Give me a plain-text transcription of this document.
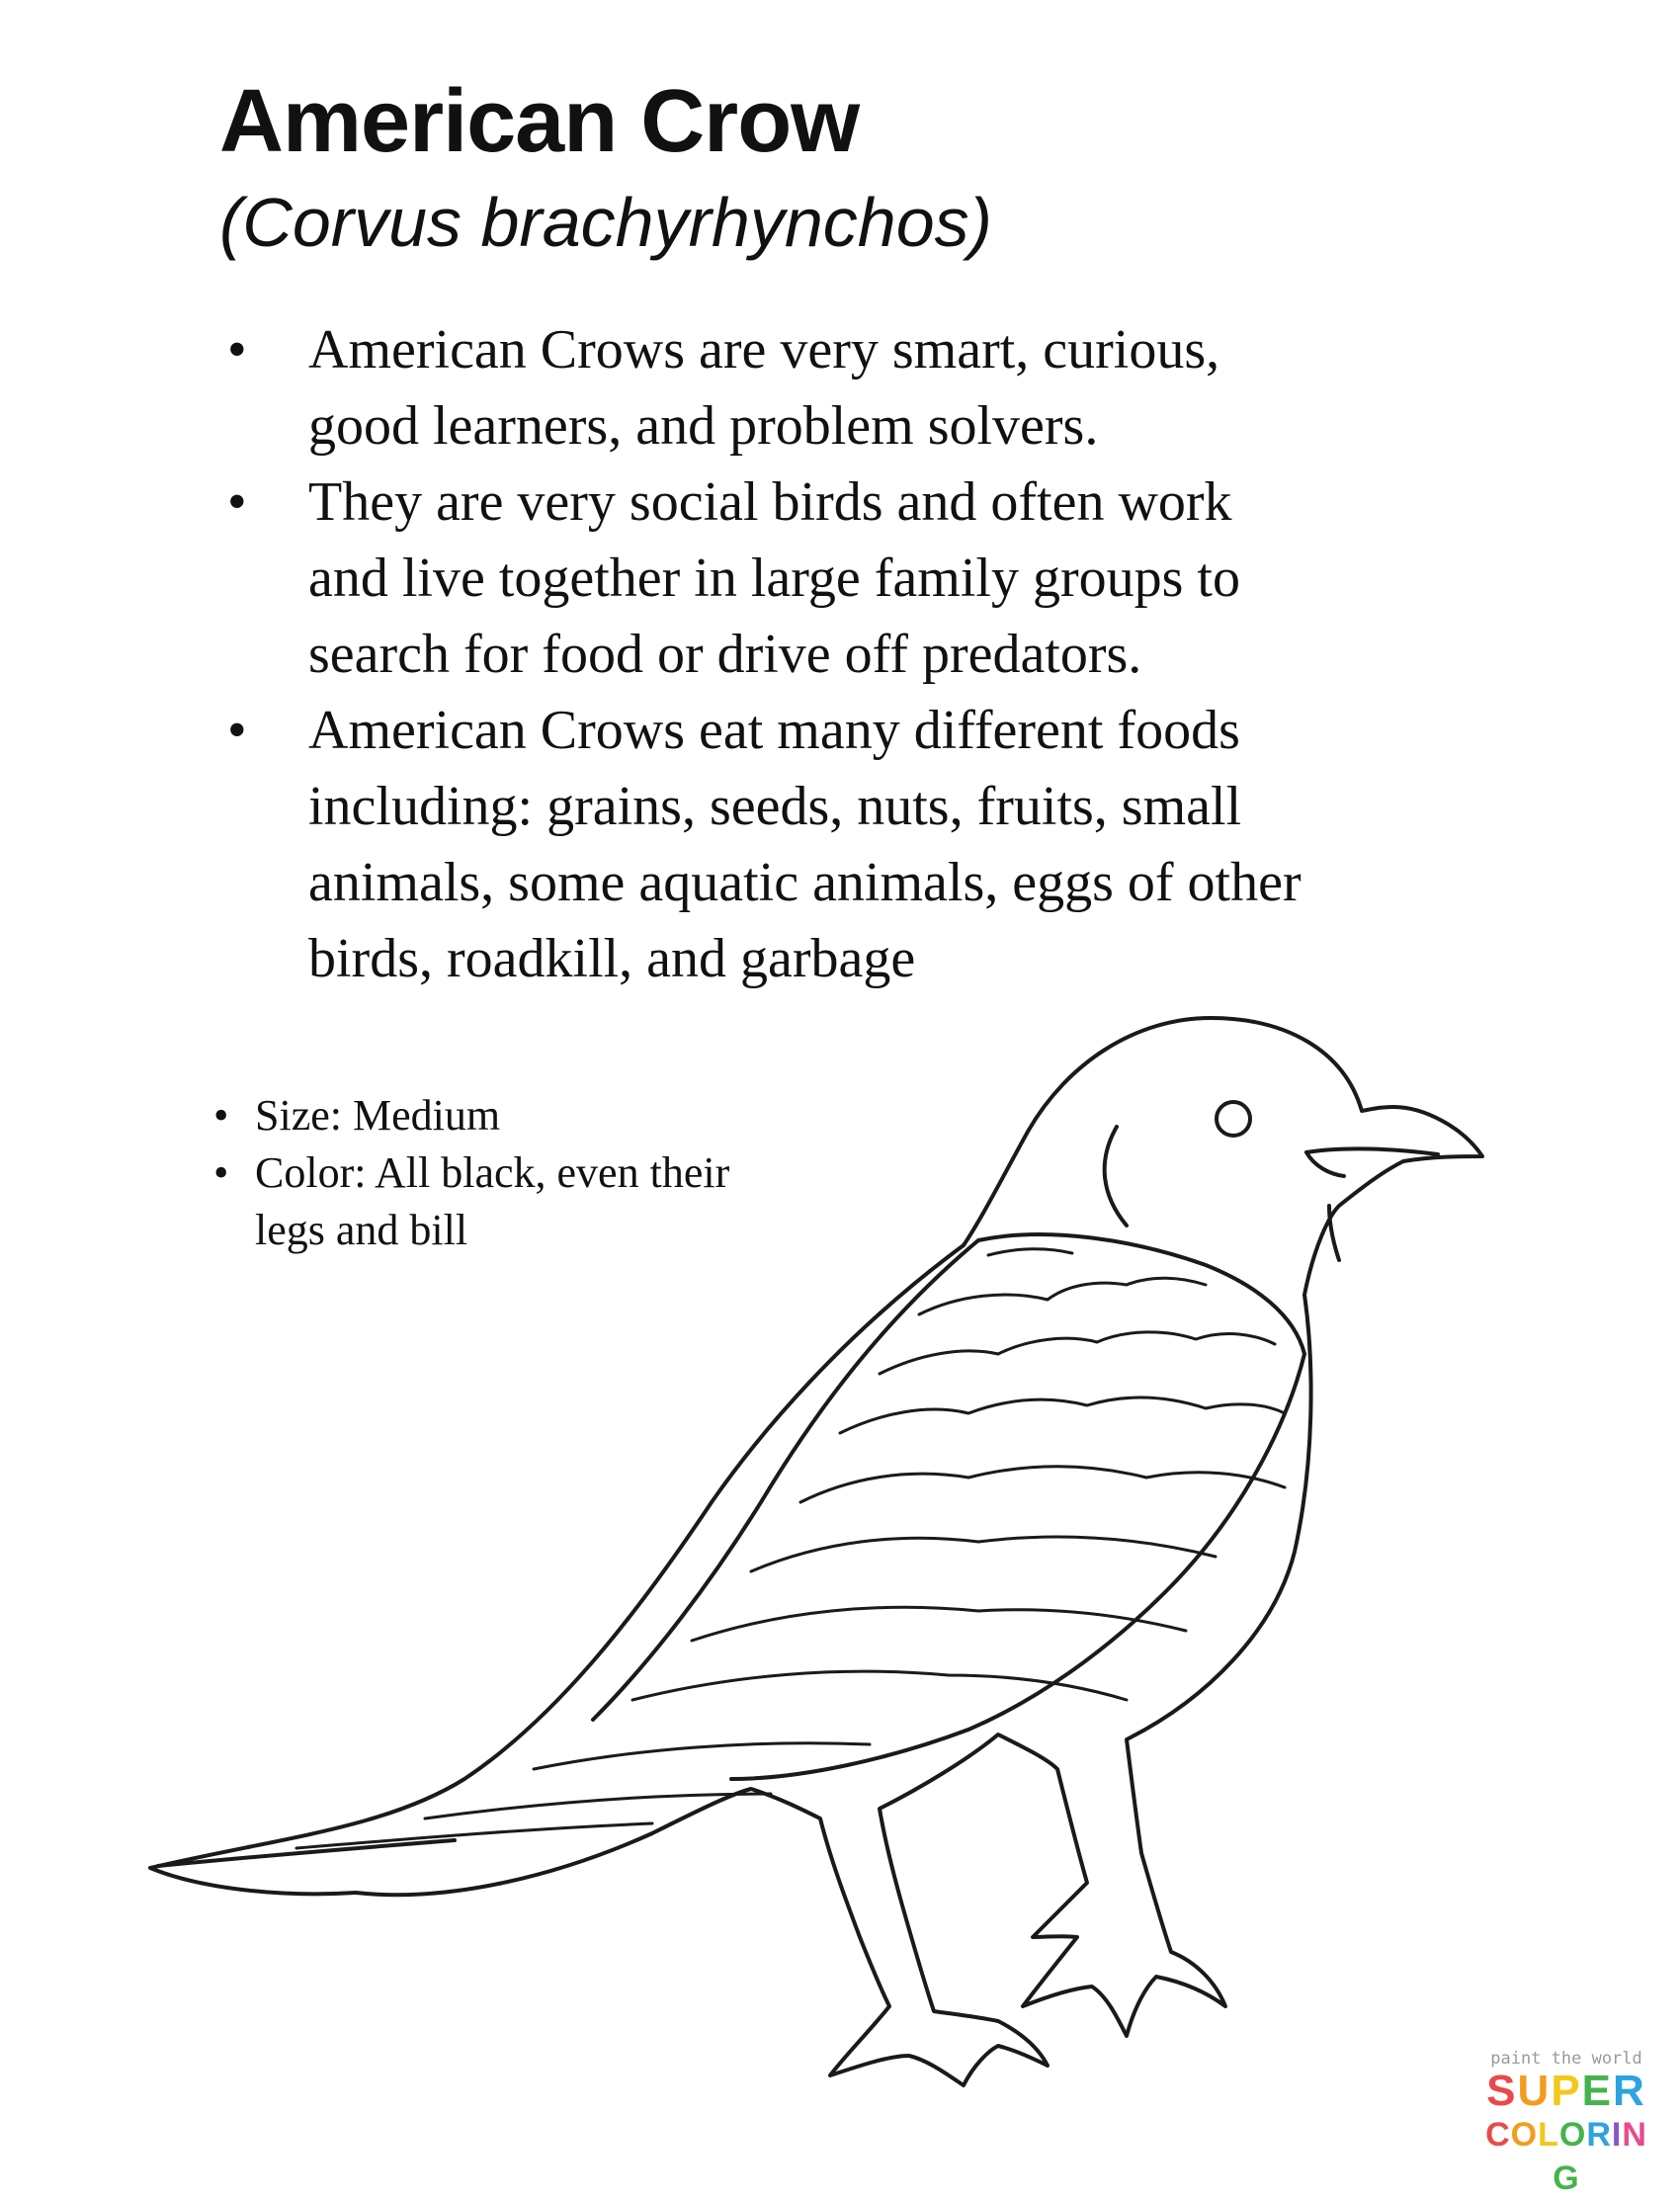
American Crow
(Corvus brachyrhynchos)
• American Crows are very smart, curious,
good learners, and problem solvers.
• They are very social birds and often work
and live together in large family groups to
search for food or drive off predators.
• American Crows eat many different foods
including: grains, seeds, nuts, fruits, small
animals, some aquatic animals, eggs of other
birds, roadkill, and garbage
• Size: Medium
• Color: All black, even their
legs and bill
paint the world
SUPER
COLORING
